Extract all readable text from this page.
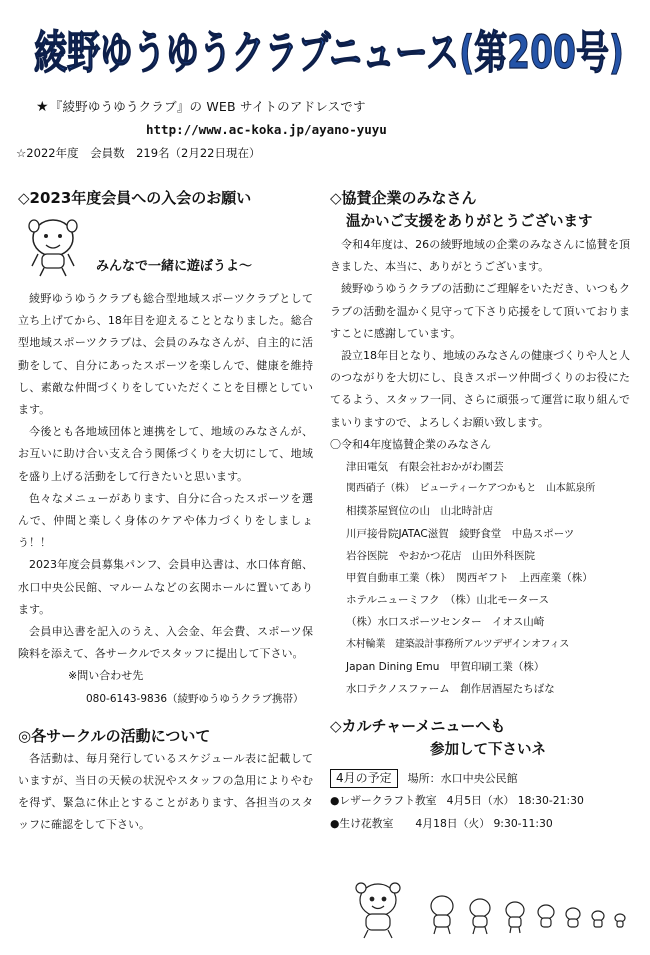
綾野ゆうゆうクラブニュース(第200号)
★『綾野ゆうゆうクラブ』の WEB サイトのアドレスです
http://www.ac-koka.jp/ayano-yuyu
☆2022年度　会員数　219名（2月22日現在）
◇2023年度会員への入会のお願い
みんなで一緒に遊ぼうよ～

綾野ゆうゆうクラブも総合型地域スポーツクラブとして立ち上げてから、18年目を迎えることとなりました。総合型地域スポーツクラブは、会員のみなさんが、自主的に活動をして、自分にあったスポーツを楽しんで、健康を維持し、素敵な仲間づくりをしていただくことを目標としています。

今後とも各地域団体と連携をして、地域のみなさんが、お互いに助け合い支え合う関係づくりを大切にして、地域を盛り上げる活動をして行きたいと思います。

色々なメニューがあります、自分に合ったスポーツを選んで、仲間と楽しく身体のケアや体力づくりをしましょう！！

2023年度会員募集パンフ、会員申込書は、水口体育館、水口中央公民館、マルームなどの玄関ホールに置いてあります。

会員申込書を記入のうえ、入会金、年会費、スポーツ保険料を添えて、各サークルでスタッフに提出して下さい。

※問い合わせ先

080-6143-9836（綾野ゆうゆうクラブ携帯）

◎各サークルの活動について

各活動は、毎月発行しているスケジュール表に記載していますが、当日の天候の状況やスタッフの急用によりやむを得ず、緊急に休止とすることがあります、各担当のスタッフに確認をして下さい。

◇協賛企業のみなさん

温かいご支援をありがとうございます

令和4年度は、26の綾野地域の企業のみなさんに協賛を頂きました、本当に、ありがとうございます。

綾野ゆうゆうクラブの活動にご理解をいただき、いつもクラブの活動を温かく見守って下さり応援をして頂いておりますことに感謝しています。

設立18年目となり、地域のみなさんの健康づくりや人と人のつながりを大切にし、良きスポーツ仲間づくりのお役にたてるよう、スタッフ一同、さらに頑張って運営に取り組んでまいりますので、よろしくお願い致します。

〇令和4年度協賛企業のみなさん

津田電気　有限会社おかがわ園芸

関西硝子（株）　ビューティーケアつかもと　山本鉱泉所

相撲茶屋貿位の山　山北時計店

川戸接骨院JATAC滋賀　綾野食堂　中島スポーツ

岩谷医院　やおかつ花店　山田外科医院

甲賀自動車工業（株）　関西ギフト　上西産業（株）

ホテルニューミフク　（株）山北モータース

（株）水口スポーツセンター　イオス山崎

木村輪業　建築設計事務所アルツデザインオフィス

Japan Dining Emu　甲賀印刷工業（株）

水口テクノスファーム　創作居酒屋たちばな

◇カルチャーメニューへも

参加して下さいネ

4月の予定 場所：水口中央公民館

●レザークラフト教室 4月5日（水） 18:30-21:30

●生け花教室 4月18日（火） 9:30-11:30
